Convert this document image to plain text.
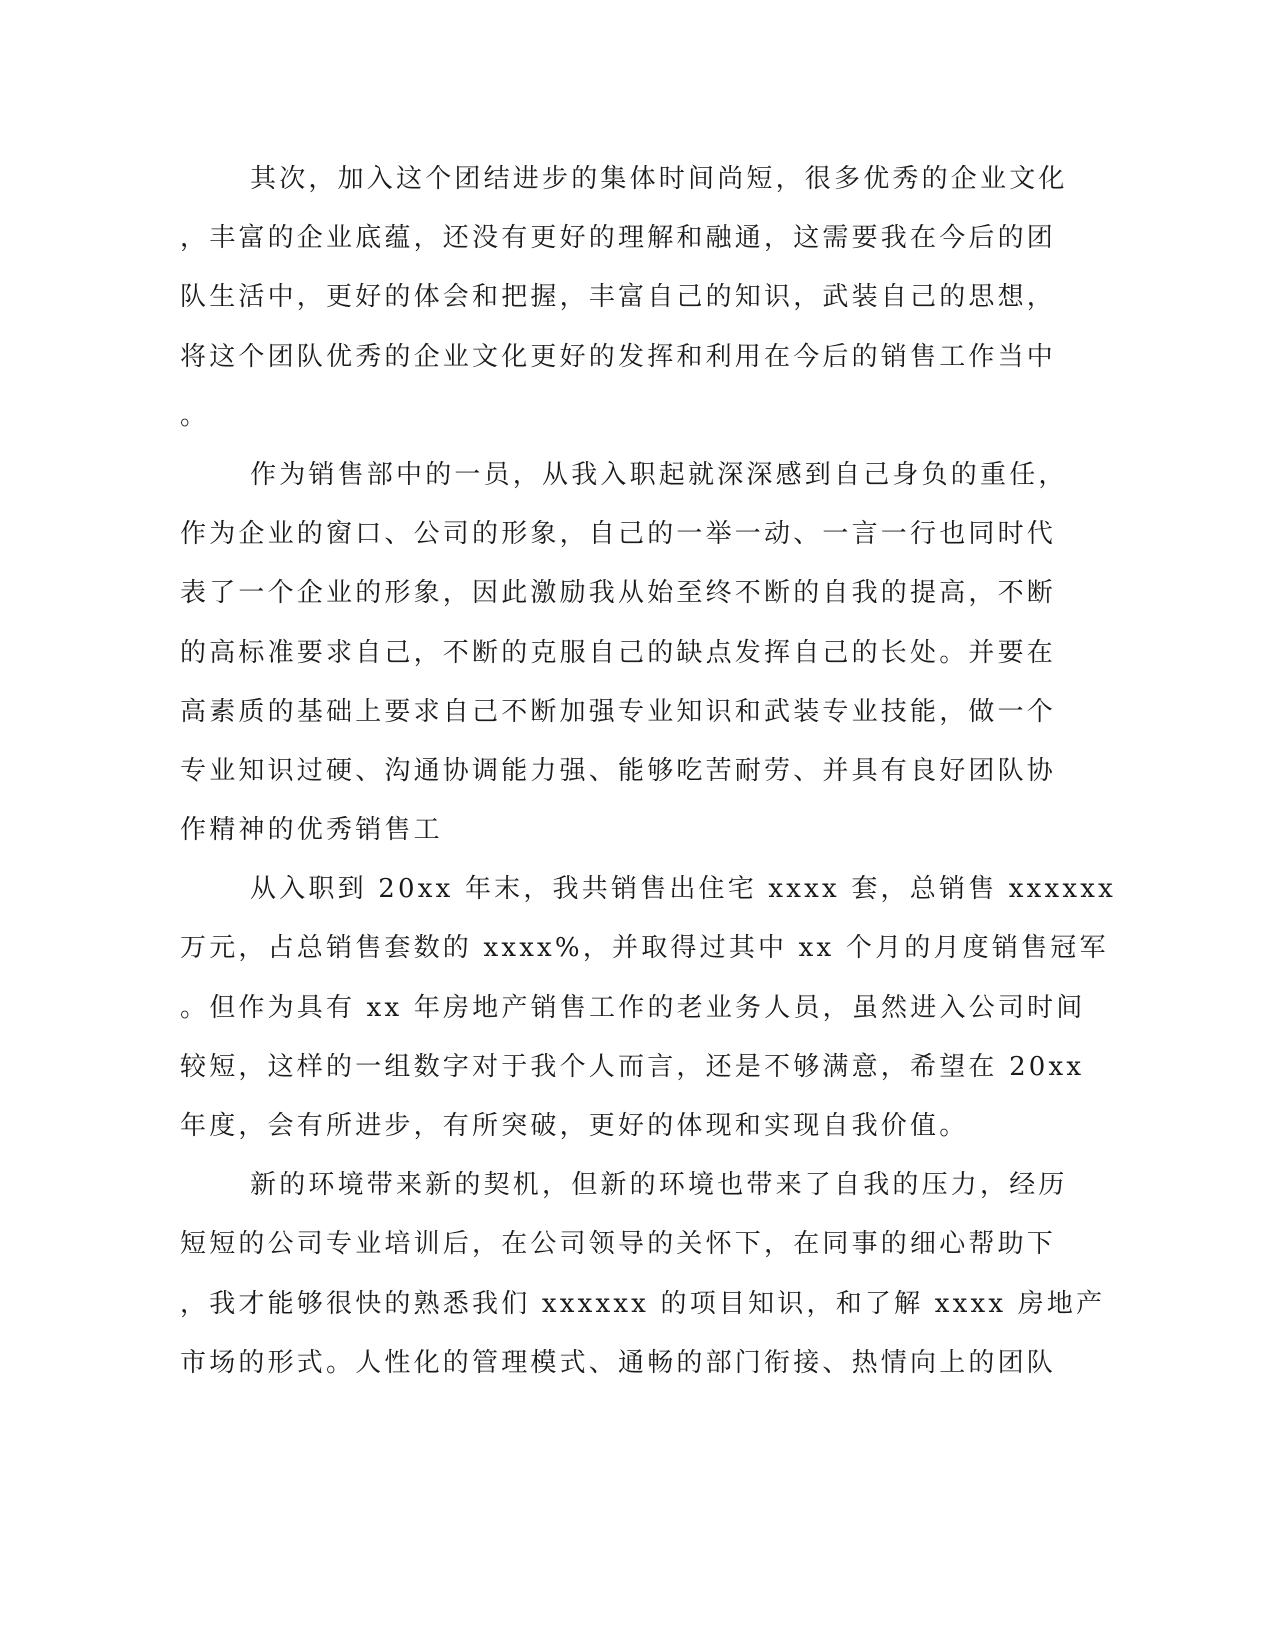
其次，加入这个团结进步的集体时间尚短，很多优秀的企业文化
，丰富的企业底蕴，还没有更好的理解和融通，这需要我在今后的团
队生活中，更好的体会和把握，丰富自己的知识，武装自己的思想，
将这个团队优秀的企业文化更好的发挥和利用在今后的销售工作当中
。
作为销售部中的一员，从我入职起就深深感到自己身负的重任，
作为企业的窗口、公司的形象，自己的一举一动、一言一行也同时代
表了一个企业的形象，因此激励我从始至终不断的自我的提高，不断
的高标准要求自己，不断的克服自己的缺点发挥自己的长处。并要在
高素质的基础上要求自己不断加强专业知识和武装专业技能，做一个
专业知识过硬、沟通协调能力强、能够吃苦耐劳、并具有良好团队协
作精神的优秀销售工
从入职到 20xx 年末，我共销售出住宅 xxxx 套，总销售 xxxxxx
万元，占总销售套数的 xxxx%，并取得过其中 xx 个月的月度销售冠军
。但作为具有 xx 年房地产销售工作的老业务人员，虽然进入公司时间
较短，这样的一组数字对于我个人而言，还是不够满意，希望在 20xx
年度，会有所进步，有所突破，更好的体现和实现自我价值。
新的环境带来新的契机，但新的环境也带来了自我的压力，经历
短短的公司专业培训后，在公司领导的关怀下，在同事的细心帮助下
，我才能够很快的熟悉我们 xxxxxx 的项目知识，和了解 xxxx 房地产
市场的形式。人性化的管理模式、通畅的部门衔接、热情向上的团队
